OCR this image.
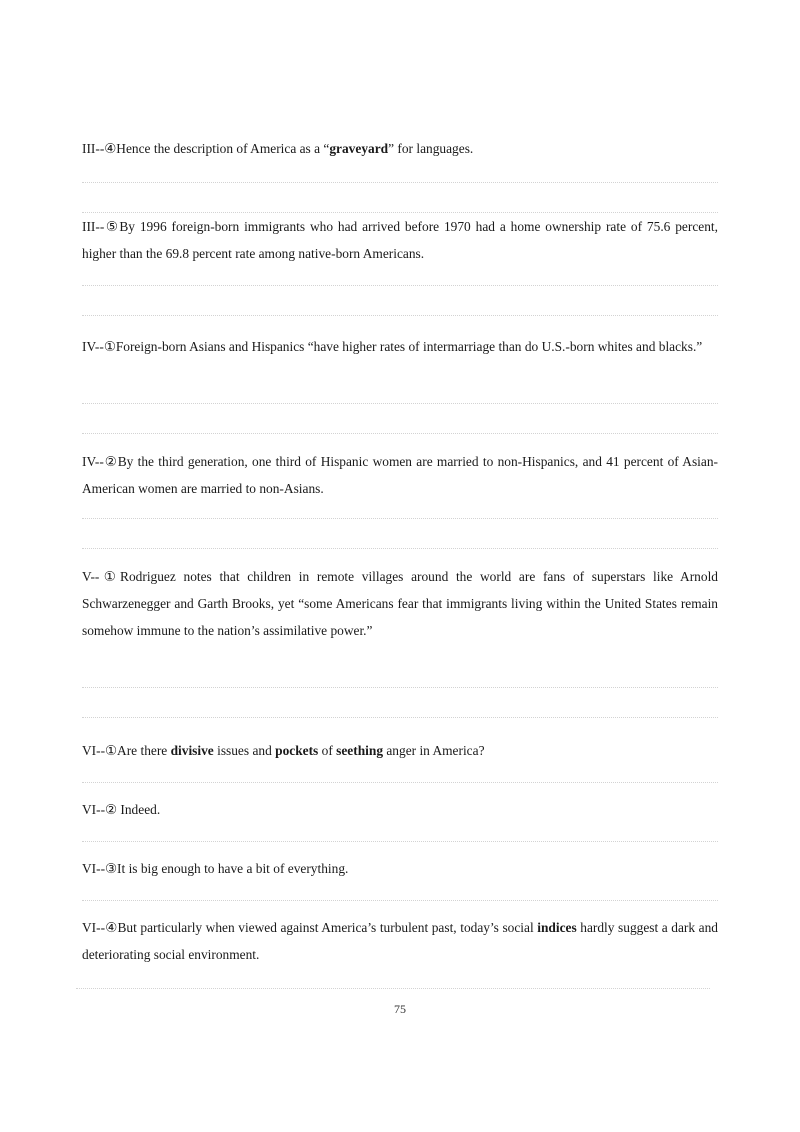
III--④Hence the description of America as a “graveyard” for languages.

III--⑤By 1996 foreign-born immigrants who had arrived before 1970 had a home ownership rate of 75.6 percent, higher than the 69.8 percent rate among native-born Americans.

IV--①Foreign-born Asians and Hispanics “have higher rates of intermarriage than do U.S.-born whites and blacks.”

IV--②By the third generation, one third of Hispanic women are married to non-Hispanics, and 41 percent of Asian-American women are married to non-Asians.

V--①Rodriguez notes that children in remote villages around the world are fans of superstars like Arnold Schwarzenegger and Garth Brooks, yet “some Americans fear that immigrants living within the United States remain somehow immune to the nation’s assimilative power.”

VI--①Are there divisive issues and pockets of seething anger in America?

VI--② Indeed.

VI--③It is big enough to have a bit of everything.

VI--④But particularly when viewed against America’s turbulent past, today’s social indices hardly suggest a dark and deteriorating social environment.

75
